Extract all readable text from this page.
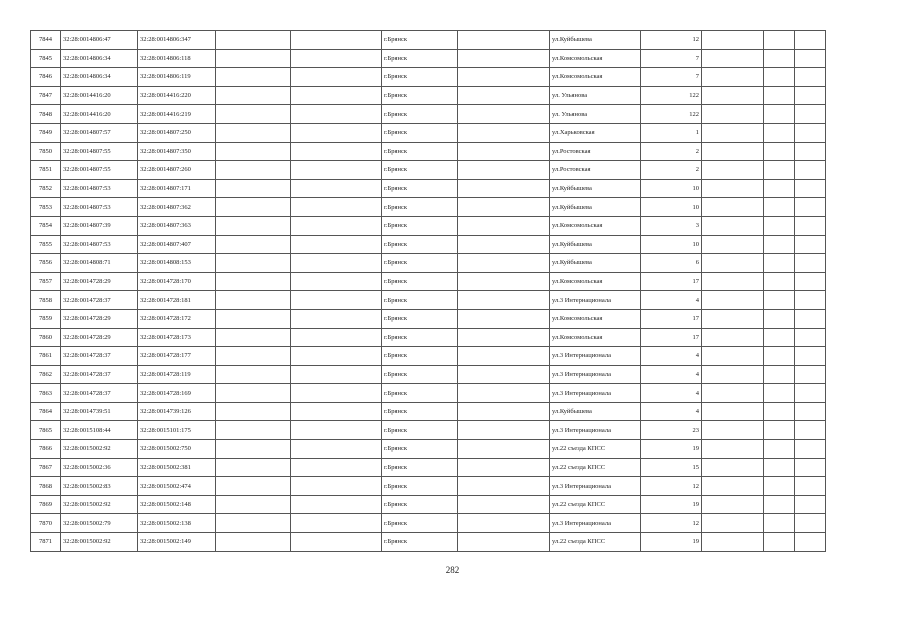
7844	32:28:0014806:47	32:28:0014806:347			г.Брянск		ул.Куйбышева	12			
7845	32:28:0014806:34	32:28:0014806:118			г.Брянск		ул.Комсомольская	7			
7846	32:28:0014806:34	32:28:0014806:119			г.Брянск		ул.Комсомольская	7			
7847	32:28:0014416:20	32:28:0014416:220			г.Брянск		ул. Ульянова	122			
7848	32:28:0014416:20	32:28:0014416:219			г.Брянск		ул. Ульянова	122			
7849	32:28:0014807:57	32:28:0014807:250			г.Брянск		ул.Харьковская	1			
7850	32:28:0014807:55	32:28:0014807:350			г.Брянск		ул.Ростовская	2			
7851	32:28:0014807:55	32:28:0014807:260			г.Брянск		ул.Ростовская	2			
7852	32:28:0014807:53	32:28:0014807:171			г.Брянск		ул.Куйбышева	10			
7853	32:28:0014807:53	32:28:0014807:362			г.Брянск		ул.Куйбышева	10			
7854	32:28:0014807:39	32:28:0014807:363			г.Брянск		ул.Комсомольская	3			
7855	32:28:0014807:53	32:28:0014807:407			г.Брянск		ул.Куйбышева	10			
7856	32:28:0014808:71	32:28:0014808:153			г.Брянск		ул.Куйбышева	6			
7857	32:28:0014728:29	32:28:0014728:170			г.Брянск		ул.Комсомольская	17			
7858	32:28:0014728:37	32:28:0014728:181			г.Брянск		ул.3 Интернационала	4			
7859	32:28:0014728:29	32:28:0014728:172			г.Брянск		ул.Комсомольская	17			
7860	32:28:0014728:29	32:28:0014728:173			г.Брянск		ул.Комсомольская	17			
7861	32:28:0014728:37	32:28:0014728:177			г.Брянск		ул.3 Интернационала	4			
7862	32:28:0014728:37	32:28:0014728:119			г.Брянск		ул.3 Интернационала	4			
7863	32:28:0014728:37	32:28:0014728:169			г.Брянск		ул.3 Интернационала	4			
7864	32:28:0014739:51	32:28:0014739:126			г.Брянск		ул.Куйбышева	4			
7865	32:28:0015108:44	32:28:0015101:175			г.Брянск		ул.3 Интернационала	23			
7866	32:28:0015002:92	32:28:0015002:750			г.Брянск		ул.22 съезда КПСС	19			
7867	32:28:0015002:36	32:28:0015002:381			г.Брянск		ул.22 съезда КПСС	15			
7868	32:28:0015002:83	32:28:0015002:474			г.Брянск		ул.3 Интернационала	12			
7869	32:28:0015002:92	32:28:0015002:148			г.Брянск		ул.22 съезда КПСС	19			
7870	32:28:0015002:79	32:28:0015002:138			г.Брянск		ул.3 Интернационала	12			
7871	32:28:0015002:92	32:28:0015002:149			г.Брянск		ул.22 съезда КПСС	19			
282
